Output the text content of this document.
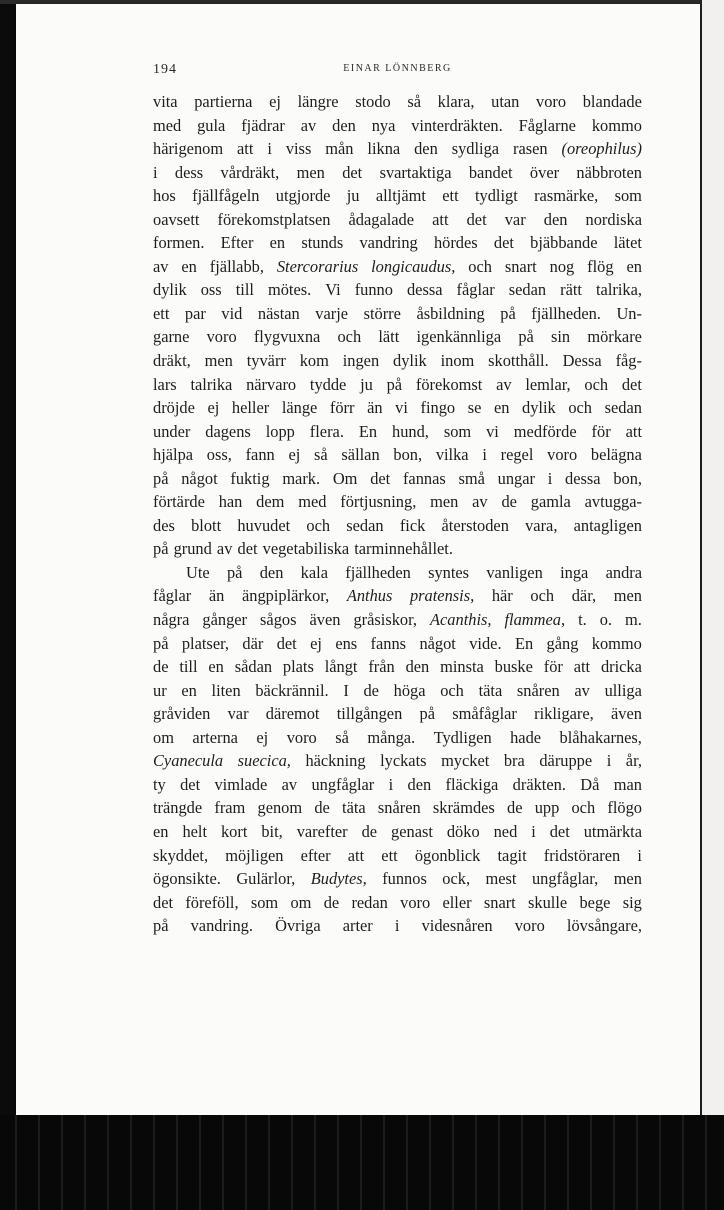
194	EINAR LÖNNBERG
vita partierna ej längre stodo så klara, utan voro blandade
med gula fjädrar av den nya vinterdräkten. Fåglarne kommo
härigenom att i viss mån likna den sydliga rasen (oreophilus)
i dess vårdräkt, men det svartaktiga bandet över näbbroten
hos fjällfågeln utgjorde ju alltjämt ett tydligt rasmärke, som
oavsett förekomstplatsen ådagalade att det var den nordiska
formen. Efter en stunds vandring hördes det bjäbbande lätet
av en fjällabb, Stercorarius longicaudus, och snart nog flög en
dylik oss till mötes. Vi funno dessa fåglar sedan rätt talrika,
ett par vid nästan varje större åsbildning på fjällheden. Un-
garne voro flygvuxna och lätt igenkännliga på sin mörkare
dräkt, men tyvärr kom ingen dylik inom skotthåll. Dessa fåg-
lars talrika närvaro tydde ju på förekomst av lemlar, och det
dröjde ej heller länge förr än vi fingo se en dylik och sedan
under dagens lopp flera. En hund, som vi medförde för att
hjälpa oss, fann ej så sällan bon, vilka i regel voro belägna
på något fuktig mark. Om det fannas små ungar i dessa bon,
förtärde han dem med förtjusning, men av de gamla avtugga-
des blott huvudet och sedan fick återstoden vara, antagligen
på grund av det vegetabiliska tarminnehållet.
Ute på den kala fjällheden syntes vanligen inga andra
fåglar än ängpiplärkor, Anthus pratensis, här och där, men
några gånger sågos även gråsiskor, Acanthis, flammea, t. o. m.
på platser, där det ej ens fanns något vide. En gång kommo
de till en sådan plats långt från den minsta buske för att dricka
ur en liten bäckrännil. I de höga och täta snåren av ulliga
gråviden var däremot tillgången på småfåglar rikligare, även
om arterna ej voro så många. Tydligen hade blåhakarnes,
Cyanecula suecica, häckning lyckats mycket bra däruppe i år,
ty det vimlade av ungfåglar i den fläckiga dräkten. Då man
trängde fram genom de täta snåren skrämdes de upp och flögo
en helt kort bit, varefter de genast döko ned i det utmärkta
skyddet, möjligen efter att ett ögonblick tagit fridstöraren i
ögonsikte. Gulärlor, Budytes, funnos ock, mest ungfåglar, men
det föreföll, som om de redan voro eller snart skulle bege sig
på vandring. Övriga arter i videsnåren voro lövsångare,
